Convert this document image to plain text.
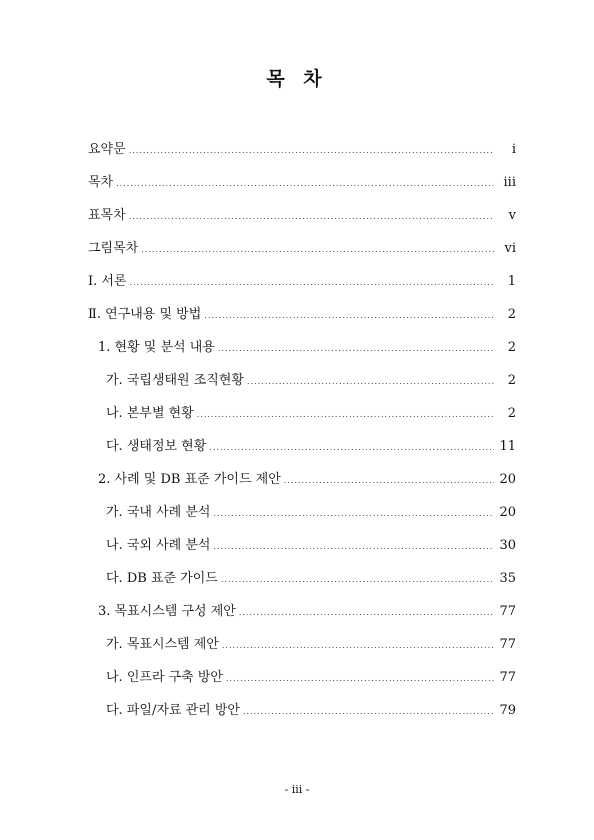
목 차
요약문 .....	i
목차 .....	iii
표목차 .....	v
그림목차 .....	vi
Ⅰ. 서론 .....	1
Ⅱ. 연구내용 및 방법 .....	2
1. 현황 및 분석 내용 .....	2
가. 국립생태원 조직현황 .....	2
나. 본부별 현황 .....	2
다. 생태정보 현황 .....	11
2. 사례 및 DB 표준 가이드 제안 .....	20
가. 국내 사례 분석 .....	20
나. 국외 사례 분석 .....	30
다. DB 표준 가이드 .....	35
3. 목표시스템 구성 제안 .....	77
가. 목표시스템 제안 .....	77
나. 인프라 구축 방안 .....	77
다. 파일/자료 관리 방안 .....	79
- iii -
